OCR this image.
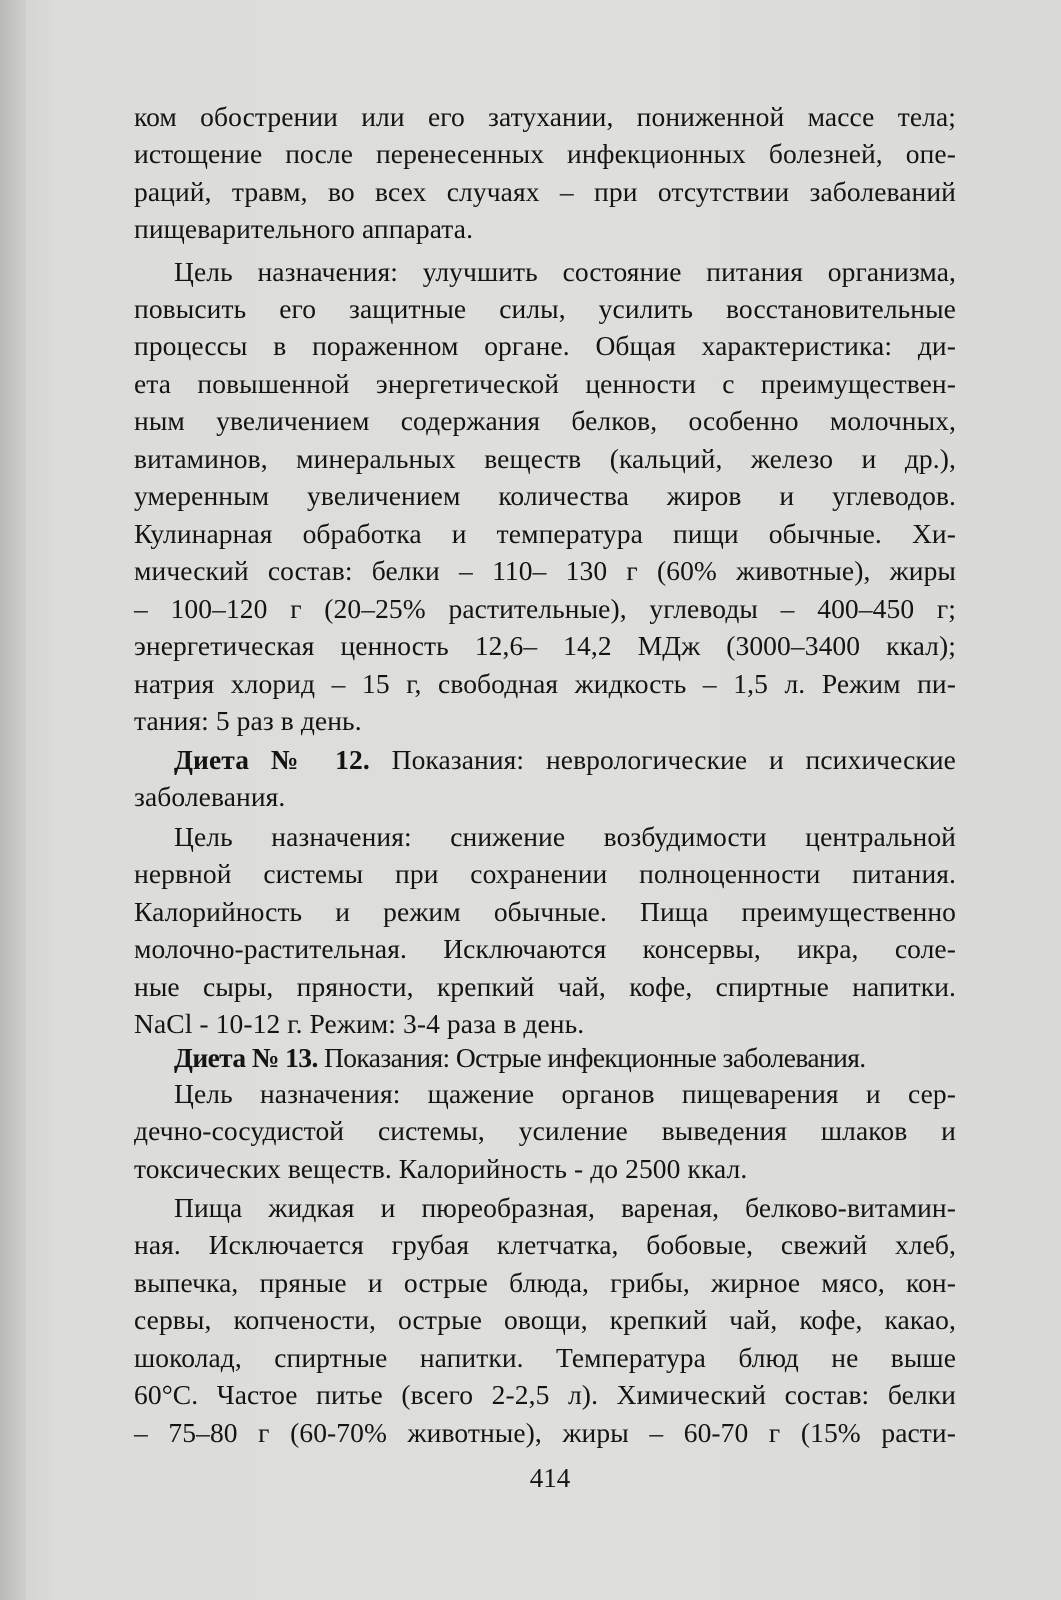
ком обострении или его затухании, пониженной массе тела;
истощение после перенесенных инфекционных болезней, опе-
раций, травм, во всех случаях – при отсутствии заболеваний
пищеварительного аппарата.
Цель назначения: улучшить состояние питания организма,
повысить его защитные силы, усилить восстановительные
процессы в пораженном органе. Общая характеристика: ди-
ета повышенной энергетической ценности с преимуществен-
ным увеличением содержания белков, особенно молочных,
витаминов, минеральных веществ (кальций, железо и др.),
умеренным увеличением количества жиров и углеводов.
Кулинарная обработка и температура пищи обычные. Хи-
мический состав: белки – 110– 130 г (60% животные), жиры
– 100–120 г (20–25% растительные), углеводы – 400–450 г;
энергетическая ценность 12,6– 14,2 МДж (3000–3400 ккал);
натрия хлорид – 15 г, свободная жидкость – 1,5 л. Режим пи-
тания: 5 раз в день.
Диета № 12. Показания: неврологические и психические
заболевания.
Цель назначения: снижение возбудимости центральной
нервной системы при сохранении полноценности питания.
Калорийность и режим обычные. Пища преимущественно
молочно-растительная. Исключаются консервы, икра, соле-
ные сыры, пряности, крепкий чай, кофе, спиртные напитки.
NaCl - 10-12 г. Режим: 3-4 раза в день.
Диета № 13. Показания: Острые инфекционные заболевания.
Цель назначения: щажение органов пищеварения и сер-
дечно-сосудистой системы, усиление выведения шлаков и
токсических веществ. Калорийность - до 2500 ккал.
Пища жидкая и пюреобразная, вареная, белково-витамин-
ная. Исключается грубая клетчатка, бобовые, свежий хлеб,
выпечка, пряные и острые блюда, грибы, жирное мясо, кон-
сервы, копчености, острые овощи, крепкий чай, кофе, какао,
шоколад, спиртные напитки. Температура блюд не выше
60°С. Частое питье (всего 2-2,5 л). Химический состав: белки
– 75–80 г (60-70% животные), жиры – 60-70 г (15% расти-
414
